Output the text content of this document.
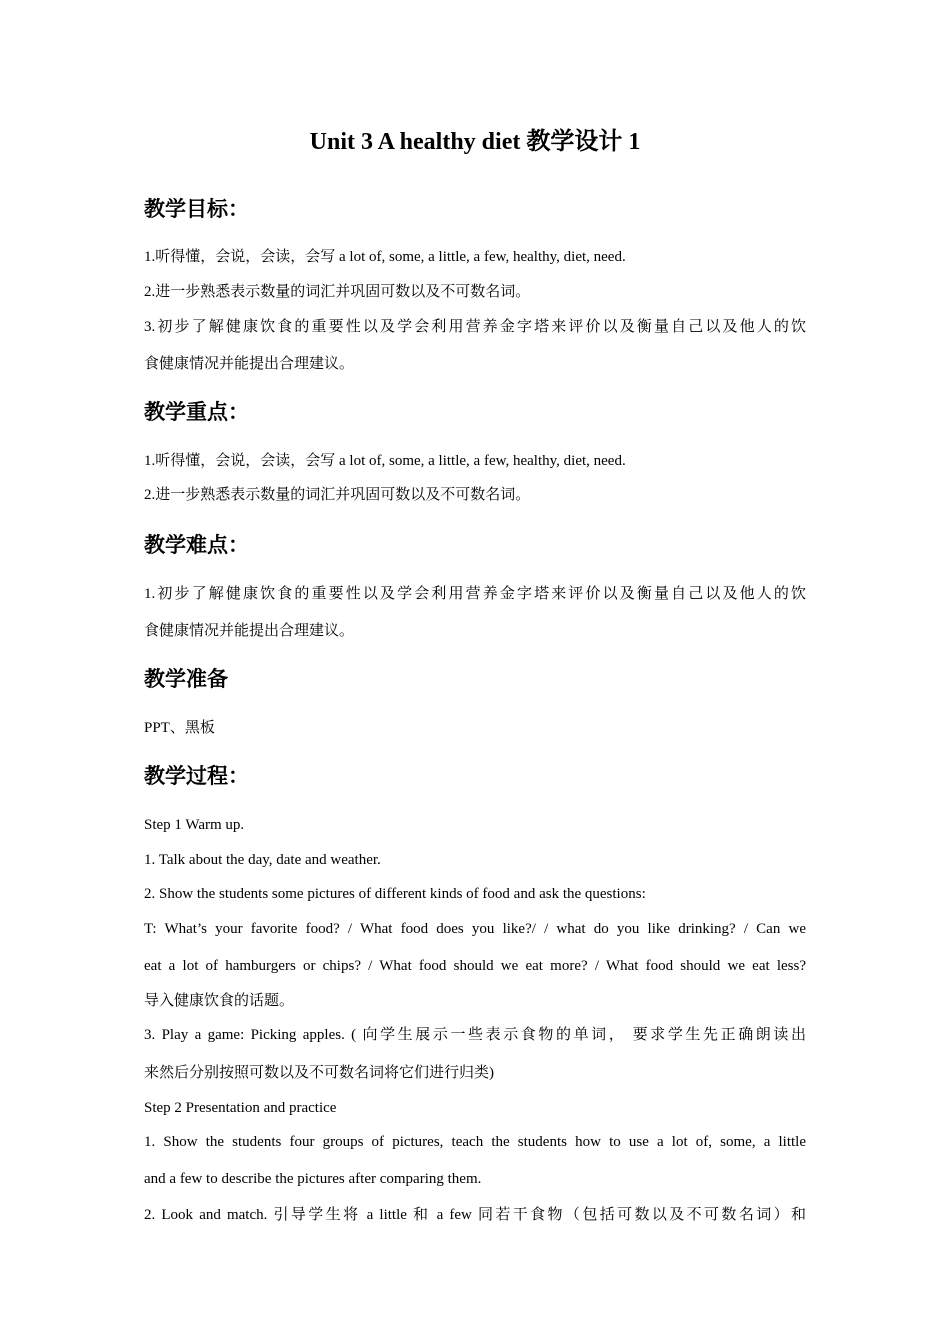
Unit 3 A healthy diet 教学设计 1
教学目标：
1.听得懂，会说，会读，会写 a lot of, some, a little, a few, healthy, diet, need.
2.进一步熟悉表示数量的词汇并巩固可数以及不可数名词。
3.初步了解健康饮食的重要性以及学会利用营养金字塔来评价以及衡量自己以及他人的饮
食健康情况并能提出合理建议。
教学重点：
1.听得懂，会说，会读，会写 a lot of, some, a little, a few, healthy, diet, need.
2.进一步熟悉表示数量的词汇并巩固可数以及不可数名词。
教学难点：
1.初步了解健康饮食的重要性以及学会利用营养金字塔来评价以及衡量自己以及他人的饮
食健康情况并能提出合理建议。
教学准备
PPT、黑板
教学过程：
Step 1 Warm up.
1. Talk about the day, date and weather.
2. Show the students some pictures of different kinds of food and ask the questions:
T: What’s your favorite food? / What food does you like?/ / what do you like drinking? / Can we
eat a lot of hamburgers or chips? / What food should we eat more? / What food should we eat less?
导入健康饮食的话题。
3. Play a game: Picking apples. ( 向学生展示一些表示食物的单词， 要求学生先正确朗读出
来然后分别按照可数以及不可数名词将它们进行归类)
Step 2 Presentation and practice
1. Show the students four groups of pictures, teach the students how to use a lot of, some, a little
and a few to describe the pictures after comparing them.
2. Look and match. 引导学生将 a little 和 a few 同若干食物（包括可数以及不可数名词）和
